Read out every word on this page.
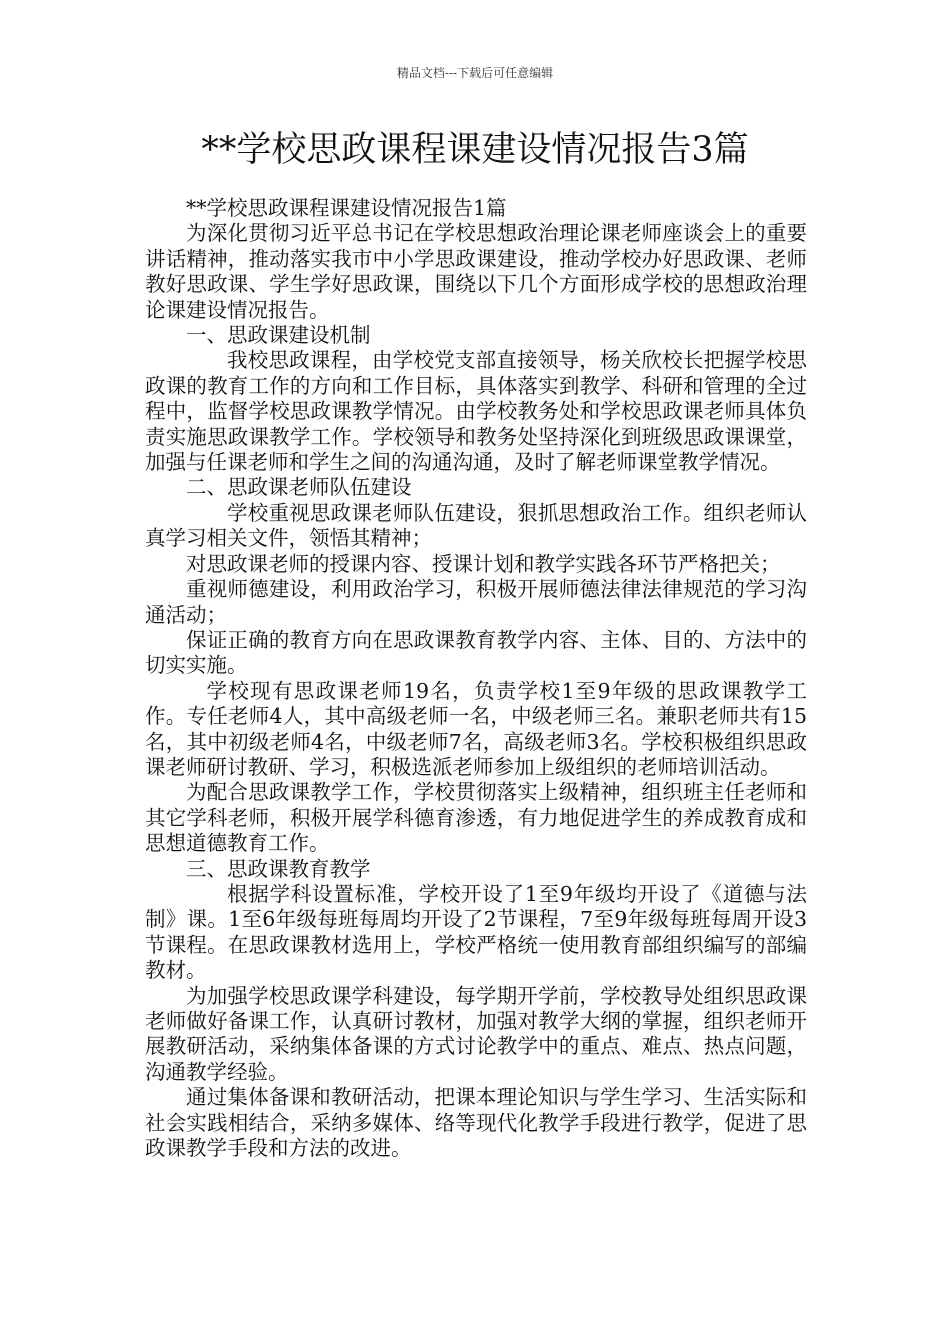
精品文档---下载后可任意编辑
**学校思政课程课建设情况报告3篇

**学校思政课程课建设情况报告1篇

为深化贯彻习近平总书记在学校思想政治理论课老师座谈会上的重要讲话精神，推动落实我市中小学思政课建设，推动学校办好思政课、老师教好思政课、学生学好思政课，围绕以下几个方面形成学校的思想政治理论课建设情况报告。

一、思政课建设机制

我校思政课程，由学校党支部直接领导，杨关欣校长把握学校思政课的教育工作的方向和工作目标，具体落实到教学、科研和管理的全过程中，监督学校思政课教学情况。由学校教务处和学校思政课老师具体负责实施思政课教学工作。学校领导和教务处坚持深化到班级思政课课堂，加强与任课老师和学生之间的沟通沟通，及时了解老师课堂教学情况。

二、思政课老师队伍建设

学校重视思政课老师队伍建设，狠抓思想政治工作。组织老师认真学习相关文件，领悟其精神；

对思政课老师的授课内容、授课计划和教学实践各环节严格把关；

重视师德建设，利用政治学习，积极开展师德法律法律规范的学习沟通活动；

保证正确的教育方向在思政课教育教学内容、主体、目的、方法中的切实实施。

学校现有思政课老师19名，负责学校1至9年级的思政课教学工作。专任老师4人，其中高级老师一名，中级老师三名。兼职老师共有15名，其中初级老师4名，中级老师7名，高级老师3名。学校积极组织思政课老师研讨教研、学习，积极选派老师参加上级组织的老师培训活动。

为配合思政课教学工作，学校贯彻落实上级精神，组织班主任老师和其它学科老师，积极开展学科德育渗透，有力地促进学生的养成教育成和思想道德教育工作。

三、思政课教育教学

根据学科设置标准，学校开设了1至9年级均开设了《道德与法制》课。1至6年级每班每周均开设了2节课程，7至9年级每班每周开设3节课程。在思政课教材选用上，学校严格统一使用教育部组织编写的部编教材。

为加强学校思政课学科建设，每学期开学前，学校教导处组织思政课老师做好备课工作，认真研讨教材，加强对教学大纲的掌握，组织老师开展教研活动，采纳集体备课的方式讨论教学中的重点、难点、热点问题，沟通教学经验。

通过集体备课和教研活动，把课本理论知识与学生学习、生活实际和社会实践相结合，采纳多媒体、络等现代化教学手段进行教学，促进了思政课教学手段和方法的改进。
